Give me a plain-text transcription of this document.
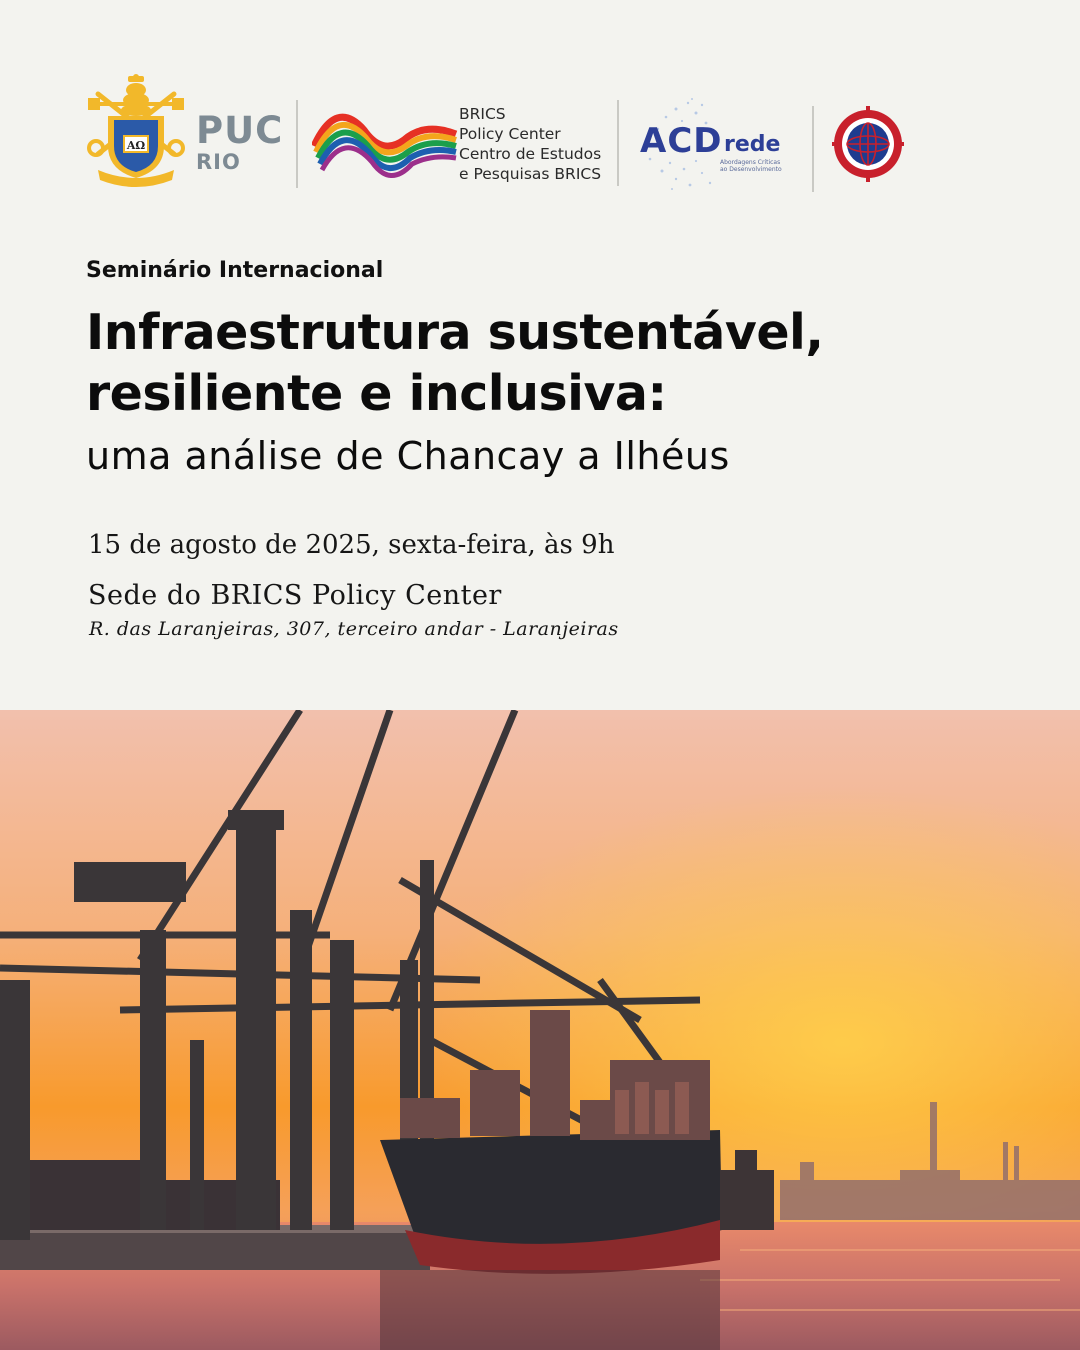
AΩ PUC
RIO
BRICS
Policy Center
Centro de Estudos
e Pesquisas BRICS
ACD rede
Abordagens Críticas
ao Desenvolvimento
Seminário Internacional
Infraestrutura sustentável,
resiliente e inclusiva:
uma análise de Chancay a Ilhéus
15 de agosto de 2025, sexta-feira, às 9h
Sede do BRICS Policy Center
R. das Laranjeiras, 307, terceiro andar - Laranjeiras
